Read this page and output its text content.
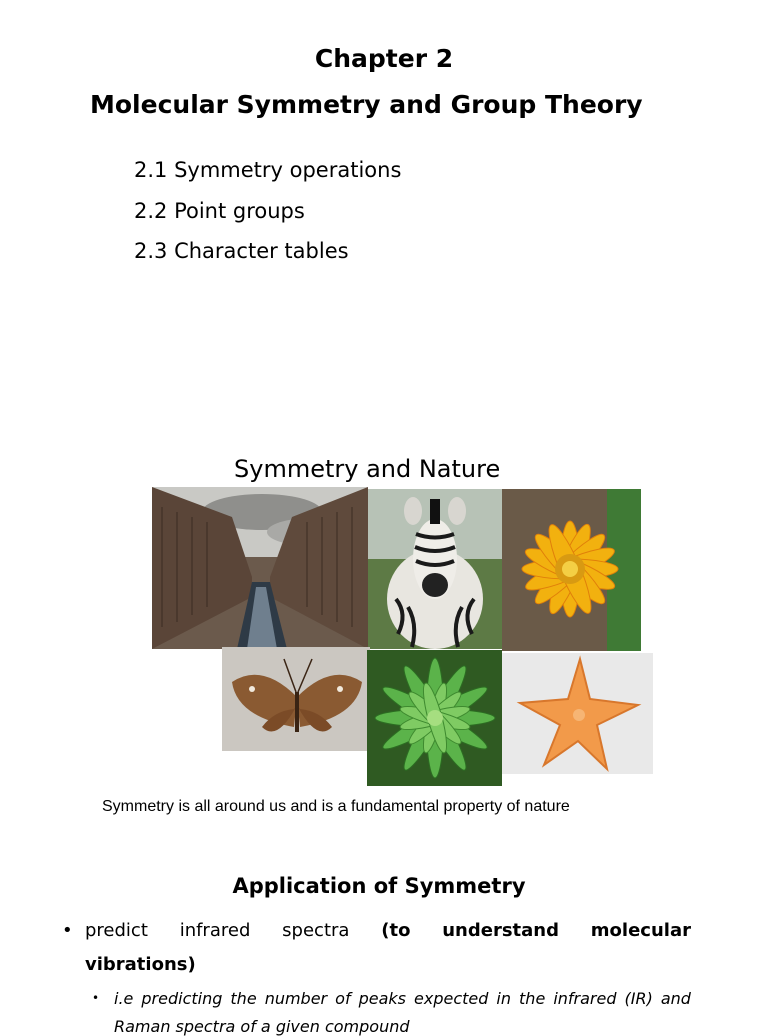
Chapter 2
Molecular Symmetry and Group Theory
2.1 Symmetry operations
2.2 Point groups
2.3 Character tables
Symmetry and Nature
Symmetry is all around us and is a fundamental property of nature
Application of Symmetry
• predict infrared spectra (to understand molecular
vibrations)
• i.e predicting the number of peaks expected in the infrared (IR) and
Raman spectra of a given compound
